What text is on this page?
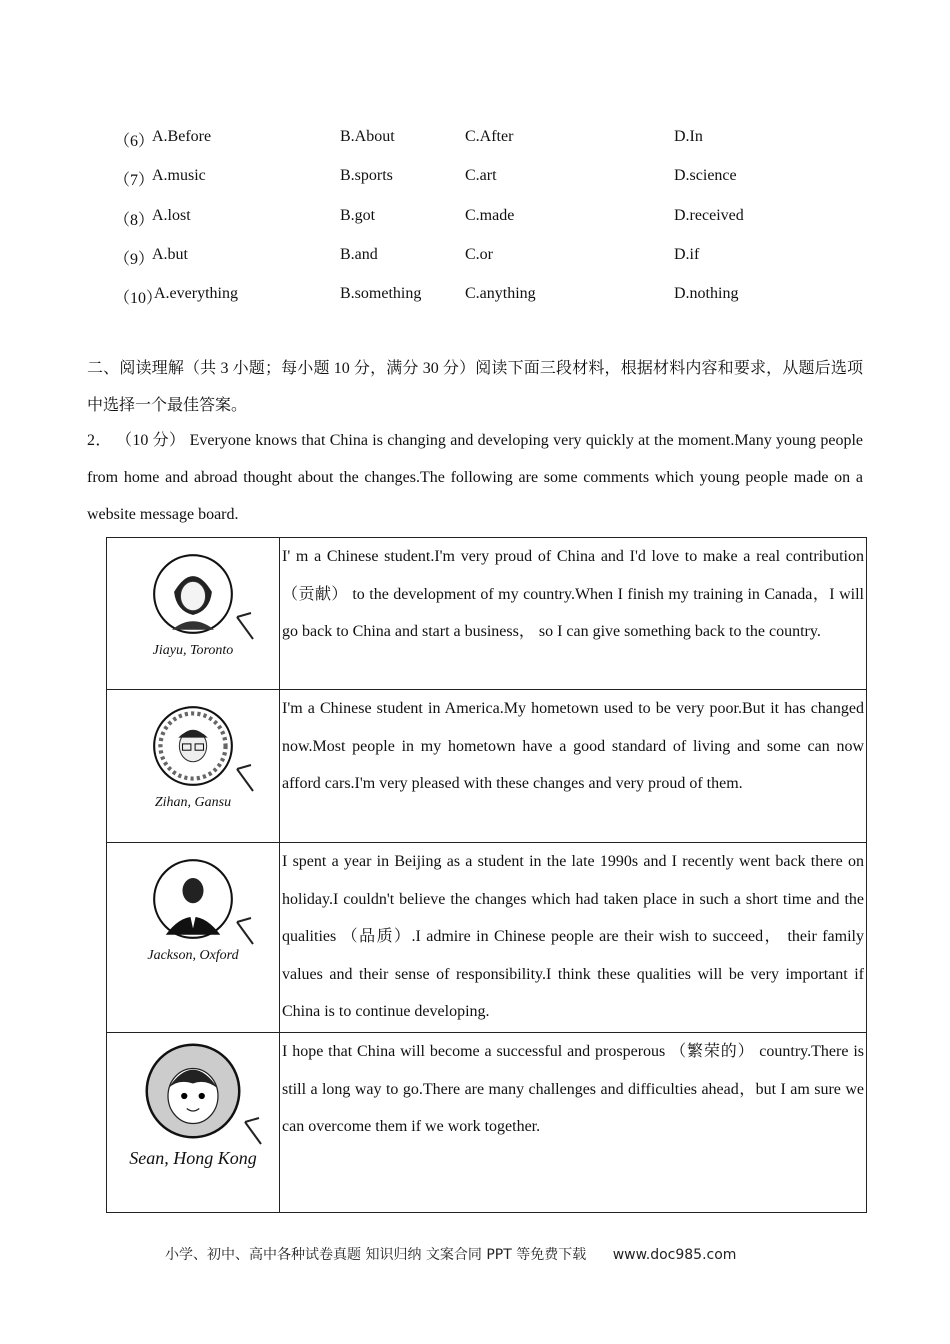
（6）
A.Before	B.About	C.After	D.In
（7）
A.music	B.sports	C.art	D.science
（8）
A.lost	B.got	C.made	D.received
（9）
A.but	B.and	C.or	D.if
（10）
A.everything	B.something	C.anything	D.nothing
二、阅读理解（共 3 小题；每小题 10 分，满分 30 分）阅读下面三段材料，根据材料内容和要求，从题后选项中选择一个最佳答案。
2． （10 分） Everyone knows that China is changing and developing very quickly at the moment.Many young people from home and abroad thought about the changes.The following are some comments which young people made on a website message board.
Jiayu, Toronto	I' m a Chinese student.I'm very proud of China and I'd love to make a real contribution （贡献） to the development of my country.When I finish my training in Canada，I will go back to China and start a business， so I can give something back to the country.

Zihan, Gansu	I'm a Chinese student in America.My hometown used to be very poor.But it has changed now.Most people in my hometown have a good standard of living and some can now afford cars.I'm very pleased with these changes and very proud of them.

Jackson, Oxford	I spent a year in Beijing as a student in the late 1990s and I recently went back there on holiday.I couldn't believe the changes which had taken place in such a short time and the qualities （品质）.I admire in Chinese people are their wish to succeed， their family values and their sense of responsibility.I think these qualities will be very important if China is to continue developing.

Sean, Hong Kong	I hope that China will become a successful and prosperous （繁荣的） country.There is still a long way to go.There are many challenges and difficulties ahead，but I am sure we can overcome them if we work together.
小学、初中、高中各种试卷真题 知识归纳 文案合同 PPT 等免费下载 www.doc985.com
